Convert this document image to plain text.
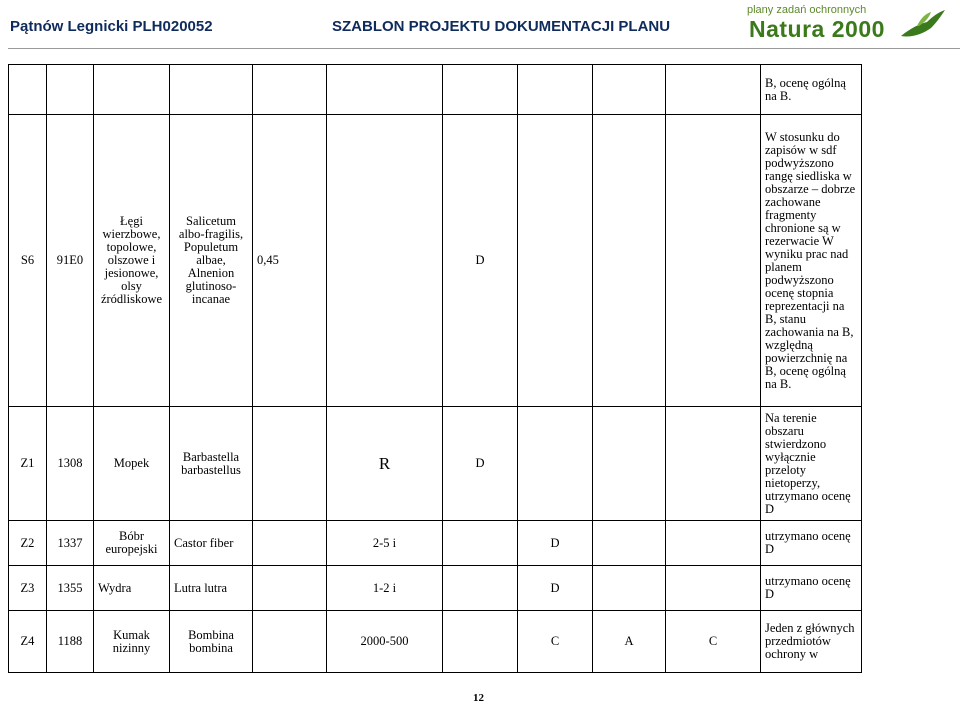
Pątnów Legnicki PLH020052	SZABLON PROJEKTU DOKUMENTACJI PLANU
plany zadań ochronnych
Natura 2000
										B, ocenę ogólną na B.
S6	91E0	Łęgi wierzbowe, topolowe, olszowe i jesionowe, olsy źródliskowe	Salicetum albo-fragilis, Populetum albae, Alnenion glutinoso-incanae	0,45		D				W stosunku do zapisów w sdf podwyższono rangę siedliska w obszarze – dobrze zachowane fragmenty chronione są w rezerwacie W wyniku prac nad planem podwyższono ocenę stopnia reprezentacji na B, stanu zachowania na B, względną powierzchnię na B, ocenę ogólną na B.
Z1	1308	Mopek	Barbastella barbastellus		R	D				Na terenie obszaru stwierdzono wyłącznie przeloty nietoperzy, utrzymano ocenę D
Z2	1337	Bóbr europejski	Castor fiber		2-5 i		D			utrzymano ocenę D
Z3	1355	Wydra	Lutra lutra		1-2 i		D			utrzymano ocenę D
Z4	1188	Kumak nizinny	Bombina bombina		2000-500		C	A	C	Jeden z głównych przedmiotów ochrony w
12
